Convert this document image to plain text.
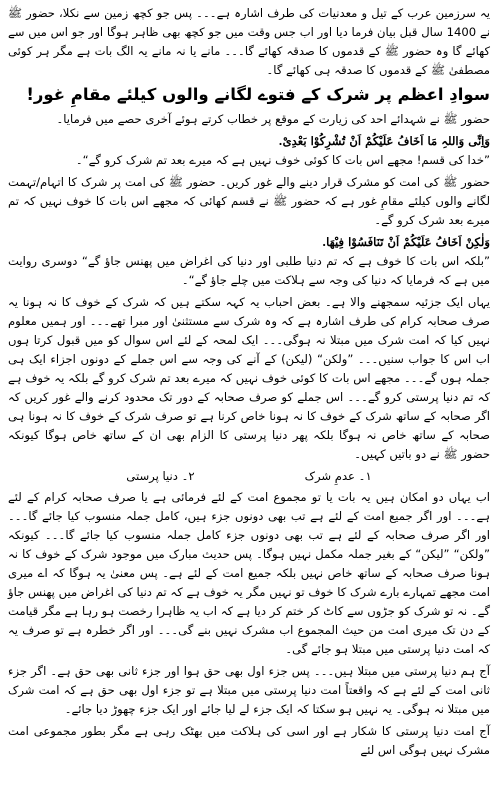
یہ سرزمین عرب کے تیل و معدنیات کی طرف اشارہ ہے۔۔۔ پس جو کچھ زمین سے نکلا، حضور ﷺ نے 1400 سال قبل بیان فرما دیا اور اب جس وقت میں جو کچھ بھی ظاہر ہوگا اور جو اس میں سے کھائے گا وہ حضور ﷺ کے قدموں کا صدقہ کھائے گا۔۔۔ مانے یا نہ مانے یہ الگ بات ہے مگر ہر کوئی مصطفیٰ ﷺ کے قدموں کا صدقہ ہی کھائے گا۔

سوادِ اعظم پر شرک کے فتوے لگانے والوں کیلئے مقامِ غور!

حضور ﷺ نے شہدائے احد کی زیارت کے موقع پر خطاب کرتے ہوئے آخری حصے میں فرمایا۔

وَاِنِّی وَاللہِ مَا اَخَافُ عَلَیْکُمْ اَنْ تُشْرِکُوْا بَعْدِیْ.

”خدا کی قسم! مجھے اس بات کا کوئی خوف نہیں ہے کہ میرے بعد تم شرک کرو گے“۔

حضور ﷺ کی امت کو مشرک قرار دینے والے غور کریں۔ حضور ﷺ کی امت پر شرک کا اتہام/تہمت لگانے والوں کیلئے مقامِ غور ہے کہ حضور ﷺ نے قسم کھائی کہ مجھے اس بات کا خوف نہیں کہ تم میرے بعد شرک کرو گے۔

وَلٰکِنْ اَخَافُ عَلَیْکُمْ اَنْ تَنَافَسُوْا فِیْهَا.

”بلکہ اس بات کا خوف ہے کہ تم دنیا طلبی اور دنیا کی اغراض میں پھنس جاؤ گے“ دوسری روایت میں ہے کہ فرمایا کہ دنیا کی وجہ سے ہلاکت میں چلے جاؤ گے“۔

یہاں ایک جزئیہ سمجھنے والا ہے۔ بعض احباب یہ کہہ سکتے ہیں کہ شرک کے خوف کا نہ ہونا یہ صرف صحابہ کرام کی طرف اشارہ ہے کہ وہ شرک سے مستثنیٰ اور مبرا تھے۔۔۔ اور ہمیں معلوم نہیں کیا کہ امت شرک میں مبتلا نہ ہوگی۔۔۔ ایک لمحہ کے لئے اس سوال کو میں قبول کرتا ہوں اب اس کا جواب سنیں۔۔۔ ”ولکن“ (لیکن) کے آنے کی وجہ سے اس جملے کے دونوں اجزاء ایک ہی جملہ ہوں گے۔۔۔ مجھے اس بات کا کوئی خوف نہیں کہ میرے بعد تم شرک کرو گے بلکہ یہ خوف ہے کہ تم دنیا پرستی کرو گے۔۔۔ اس جملے کو صرف صحابہ کے دور تک محدود کرنے والے غور کریں کہ اگر صحابہ کے ساتھ شرک کے خوف کا نہ ہونا خاص کرنا ہے تو صرف شرک کے خوف کا نہ ہونا ہی صحابہ کے ساتھ خاص نہ ہوگا بلکہ پھر دنیا پرستی کا الزام بھی ان کے ساتھ خاص ہوگا کیونکہ حضور ﷺ نے دو باتیں کہیں۔

۱۔ عدمِ شرک
۲۔ دنیا پرستی

اب یہاں دو امکان ہیں یہ بات یا تو مجموع امت کے لئے فرمائی ہے یا صرف صحابہ کرام کے لئے ہے۔۔۔ اور اگر جمیع امت کے لئے ہے تب بھی دونوں جزء ہیں، کامل جملہ منسوب کیا جائے گا۔۔۔ اور اگر صرف صحابہ کے لئے ہے تب بھی دونوں جزء کامل جملہ منسوب کیا جائے گا۔۔۔ کیونکہ ”ولکن“ ”لیکن“ کے بغیر جملہ مکمل نہیں ہوگا۔ پس حدیث مبارک میں موجود شرک کے خوف کا نہ ہونا صرف صحابہ کے ساتھ خاص نہیں بلکہ جمیع امت کے لئے ہے۔ پس معنیٰ یہ ہوگا کہ اے میری امت مجھے تمہارے بارے شرک کا خوف تو نہیں مگر یہ خوف ہے کہ تم دنیا کی اغراض میں پھنس جاؤ گے۔ نہ تو شرک کو جڑوں سے کاٹ کر ختم کر دیا ہے کہ اب یہ ظاہرا رخصت ہو رہا ہے مگر قیامت کے دن تک میری امت من حیث المجموع اب مشرک نہیں بنے گی۔۔۔ اور اگر خطرہ ہے تو صرف یہ کہ امت دنیا پرستی میں مبتلا ہو جائے گی۔

آج ہم دنیا پرستی میں مبتلا ہیں۔۔۔ پس جزء اول بھی حق ہوا اور جزء ثانی بھی حق ہے۔ اگر جزء ثانی امت کے لئے ہے کہ واقعتاً امت دنیا پرستی میں مبتلا ہے تو جزء اول بھی حق ہے کہ امت شرک میں مبتلا نہ ہوگی۔ یہ نہیں ہو سکتا کہ ایک جزء لے لیا جائے اور ایک جزء چھوڑ دیا جائے۔

آج امت دنیا پرستی کا شکار ہے اور اسی کی ہلاکت میں بھٹک رہی ہے مگر بطور مجموعی امت مشرک نہیں ہوگی اس لئے
